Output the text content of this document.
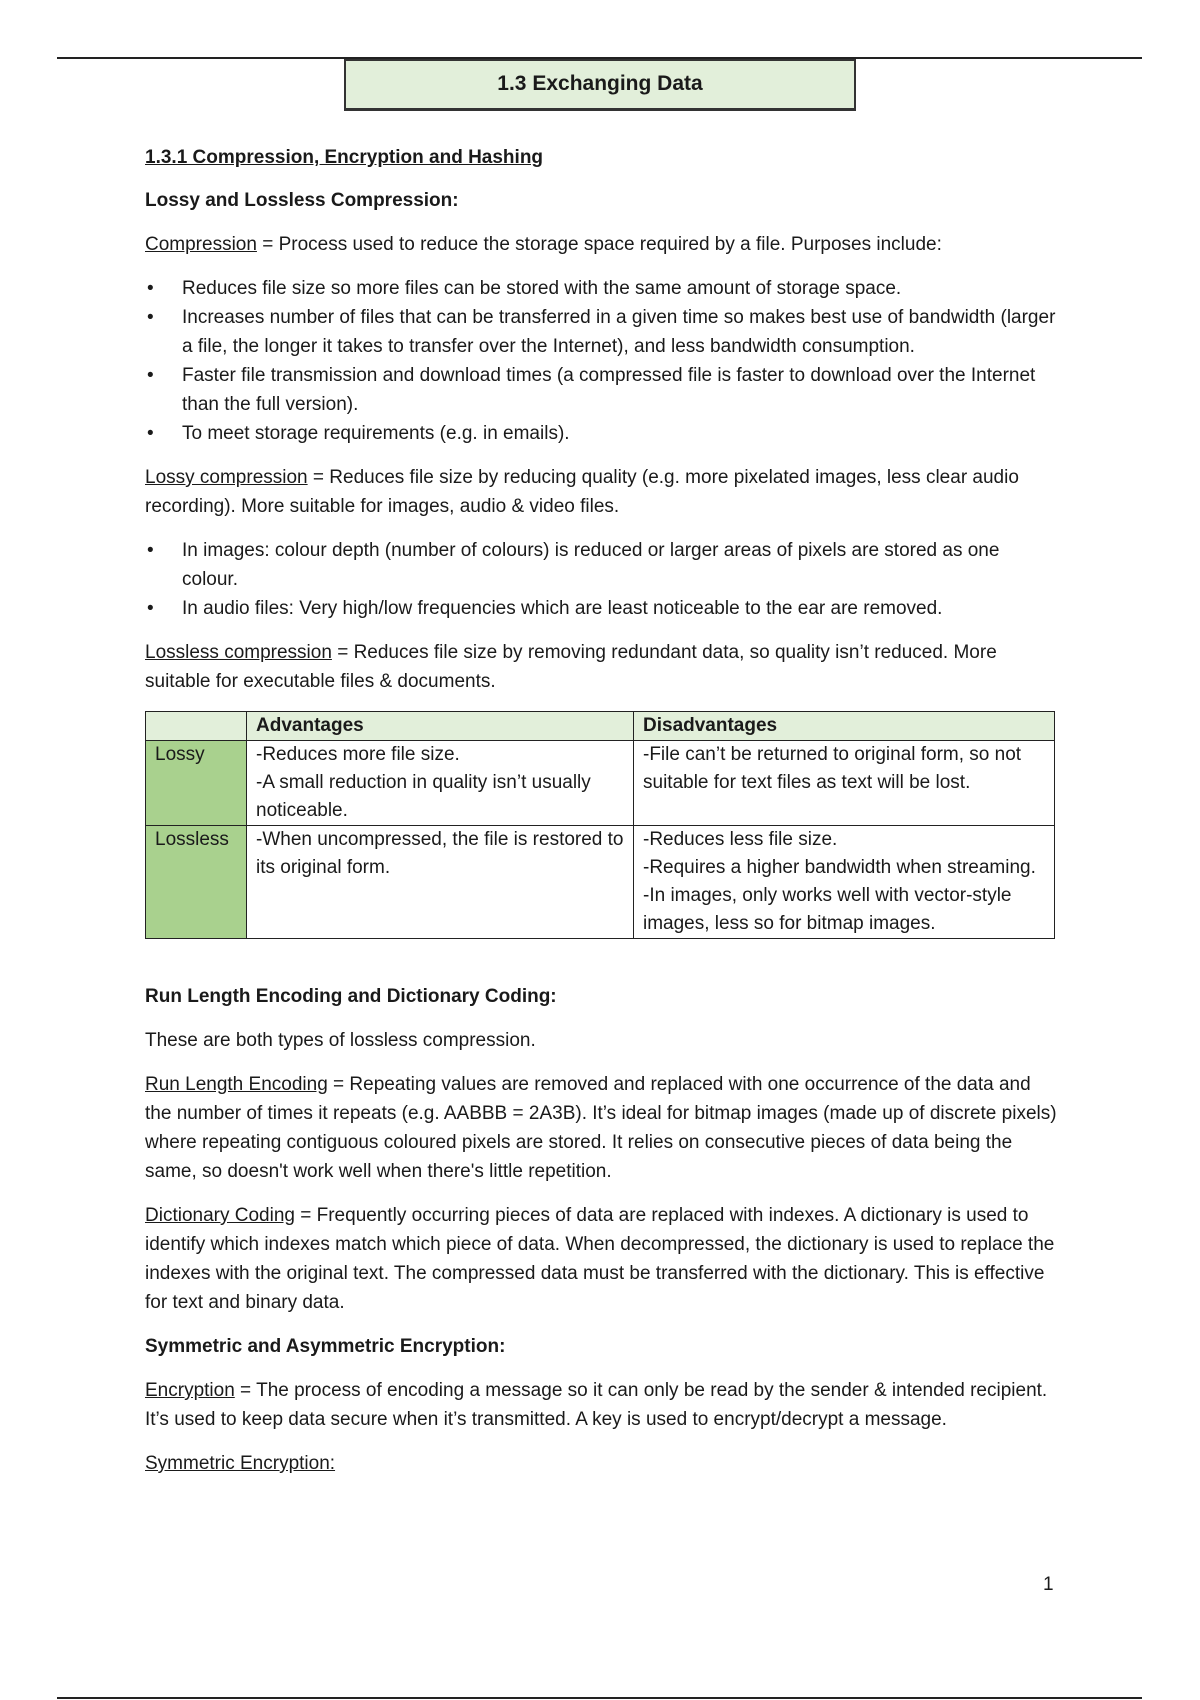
1.3 Exchanging Data

1.3.1 Compression, Encryption and Hashing

Lossy and Lossless Compression:

Compression = Process used to reduce the storage space required by a file. Purposes include:

• Reduces file size so more files can be stored with the same amount of storage space.
• Increases number of files that can be transferred in a given time so makes best use of bandwidth (larger a file, the longer it takes to transfer over the Internet), and less bandwidth consumption.
• Faster file transmission and download times (a compressed file is faster to download over the Internet than the full version).
• To meet storage requirements (e.g. in emails).

Lossy compression = Reduces file size by reducing quality (e.g. more pixelated images, less clear audio recording). More suitable for images, audio & video files.

• In images: colour depth (number of colours) is reduced or larger areas of pixels are stored as one colour.
• In audio files: Very high/low frequencies which are least noticeable to the ear are removed.

Lossless compression = Reduces file size by removing redundant data, so quality isn’t reduced. More suitable for executable files & documents.

	Advantages	Disadvantages
Lossy	-Reduces more file size.
-A small reduction in quality isn’t usually noticeable.	-File can’t be returned to original form, so not suitable for text files as text will be lost.

Lossless	-When uncompressed, the file is restored to its original form.	-Reduces less file size.
-Requires a higher bandwidth when streaming.
-In images, only works well with vector-style images, less so for bitmap images.

Run Length Encoding and Dictionary Coding:

These are both types of lossless compression.

Run Length Encoding = Repeating values are removed and replaced with one occurrence of the data and the number of times it repeats (e.g. AABBB = 2A3B). It’s ideal for bitmap images (made up of discrete pixels) where repeating contiguous coloured pixels are stored. It relies on consecutive pieces of data being the same, so doesn't work well when there's little repetition.

Dictionary Coding = Frequently occurring pieces of data are replaced with indexes. A dictionary is used to identify which indexes match which piece of data. When decompressed, the dictionary is used to replace the indexes with the original text. The compressed data must be transferred with the dictionary. This is effective for text and binary data.

Symmetric and Asymmetric Encryption:

Encryption = The process of encoding a message so it can only be read by the sender & intended recipient. It’s used to keep data secure when it’s transmitted. A key is used to encrypt/decrypt a message.

Symmetric Encryption:

1
